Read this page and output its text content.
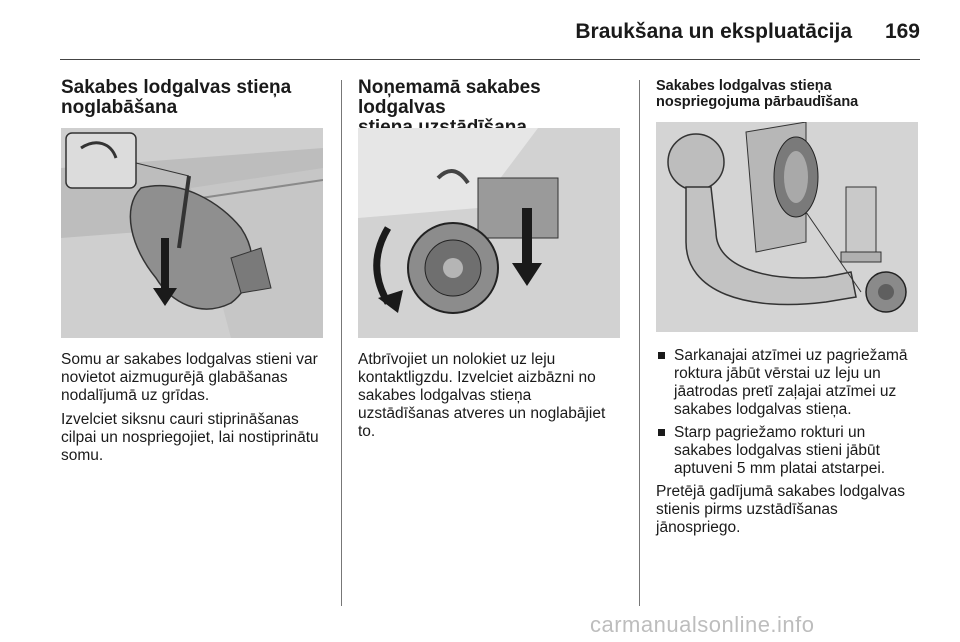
Braukšana un ekspluatācija 169
Sakabes lodgalvas stieņa
noglabāšana

Somu ar sakabes lodgalvas stieni var
novietot aizmugurējā glabāšanas
nodalījumā uz grīdas.

Izvelciet siksnu cauri stiprināšanas
cilpai un nospriegojiet, lai nostiprinātu
somu.

Noņemamā sakabes lodgalvas

Atbrīvojiet un nolokiet uz leju
kontaktligzdu. Izvelciet aizbāzni no
sakabes lodgalvas stieņa
uzstādīšanas atveres un noglabājiet
to.

Sakabes lodgalvas stieņa
nospriegojuma pārbaudīšana
Sarkanajai atzīmei uz pagriežamā
roktura jābūt vērstai uz leju un
jāatrodas pretī zaļajai atzīmei uz
sakabes lodgalvas stieņa.
Starp pagriežamo rokturi un
sakabes lodgalvas stieni jābūt
aptuveni 5 mm platai atstarpei.

Pretējā gadījumā sakabes lodgalvas
stienis pirms uzstādīšanas
jānospriego.

carmanualsonline.info
